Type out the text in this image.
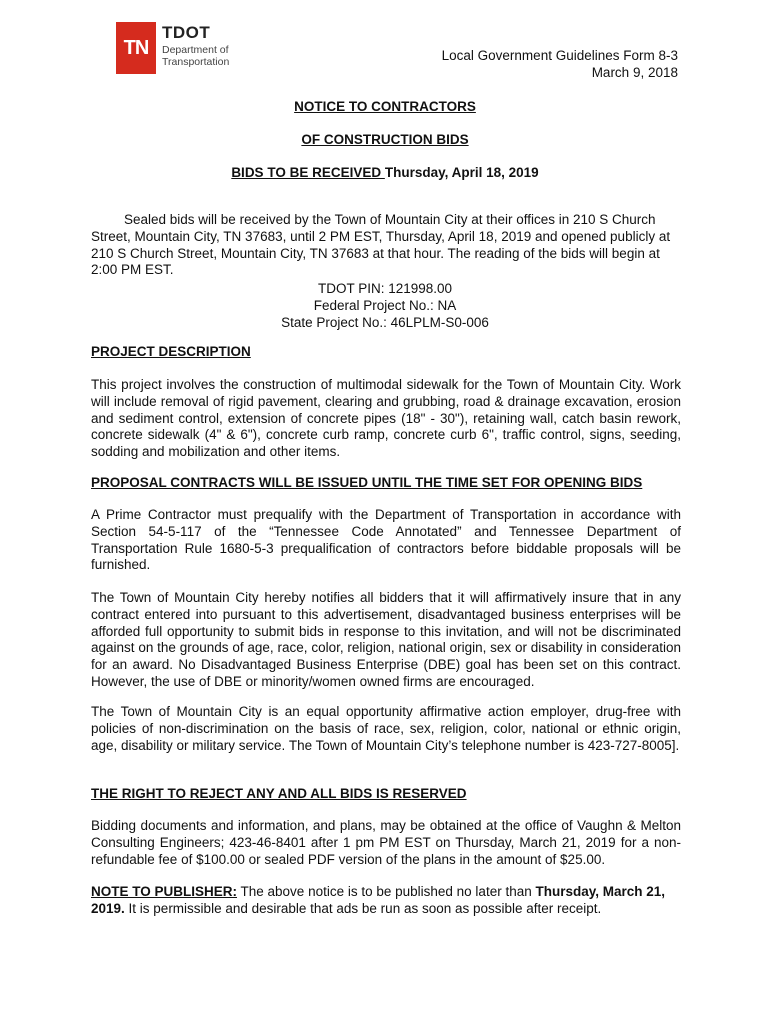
TN
TDOT
Department of
Transportation	Local Government Guidelines Form 8-3
March 9, 2018
NOTICE TO CONTRACTORS
OF CONSTRUCTION BIDS
BIDS TO BE RECEIVED Thursday, April 18, 2019
Sealed bids will be received by the Town of Mountain City at their offices in 210 S Church Street, Mountain City, TN 37683, until 2 PM EST, Thursday, April 18, 2019 and opened publicly at 210 S Church Street, Mountain City, TN 37683 at that hour. The reading of the bids will begin at 2:00 PM EST.
TDOT PIN: 121998.00
Federal Project No.: NA
State Project No.: 46LPLM-S0-006
PROJECT DESCRIPTION
This project involves the construction of multimodal sidewalk for the Town of Mountain City. Work will include removal of rigid pavement, clearing and grubbing, road & drainage excavation, erosion and sediment control, extension of concrete pipes (18" - 30"), retaining wall, catch basin rework, concrete sidewalk (4" & 6"), concrete curb ramp, concrete curb 6", traffic control, signs, seeding, sodding and mobilization and other items.
PROPOSAL CONTRACTS WILL BE ISSUED UNTIL THE TIME SET FOR OPENING BIDS
A Prime Contractor must prequalify with the Department of Transportation in accordance with Section 54-5-117 of the “Tennessee Code Annotated” and Tennessee Department of Transportation Rule 1680-5-3 prequalification of contractors before biddable proposals will be furnished.
The Town of Mountain City hereby notifies all bidders that it will affirmatively insure that in any contract entered into pursuant to this advertisement, disadvantaged business enterprises will be afforded full opportunity to submit bids in response to this invitation, and will not be discriminated against on the grounds of age, race, color, religion, national origin, sex or disability in consideration for an award. No Disadvantaged Business Enterprise (DBE) goal has been set on this contract. However, the use of DBE or minority/women owned firms are encouraged.
The Town of Mountain City is an equal opportunity affirmative action employer, drug-free with policies of non-discrimination on the basis of race, sex, religion, color, national or ethnic origin, age, disability or military service. The Town of Mountain City’s telephone number is 423-727-8005].
THE RIGHT TO REJECT ANY AND ALL BIDS IS RESERVED
Bidding documents and information, and plans, may be obtained at the office of Vaughn & Melton Consulting Engineers; 423-46-8401 after 1 pm PM EST on Thursday, March 21, 2019 for a non-refundable fee of $100.00 or sealed PDF version of the plans in the amount of $25.00.
NOTE TO PUBLISHER: The above notice is to be published no later than Thursday, March 21, 2019. It is permissible and desirable that ads be run as soon as possible after receipt.
